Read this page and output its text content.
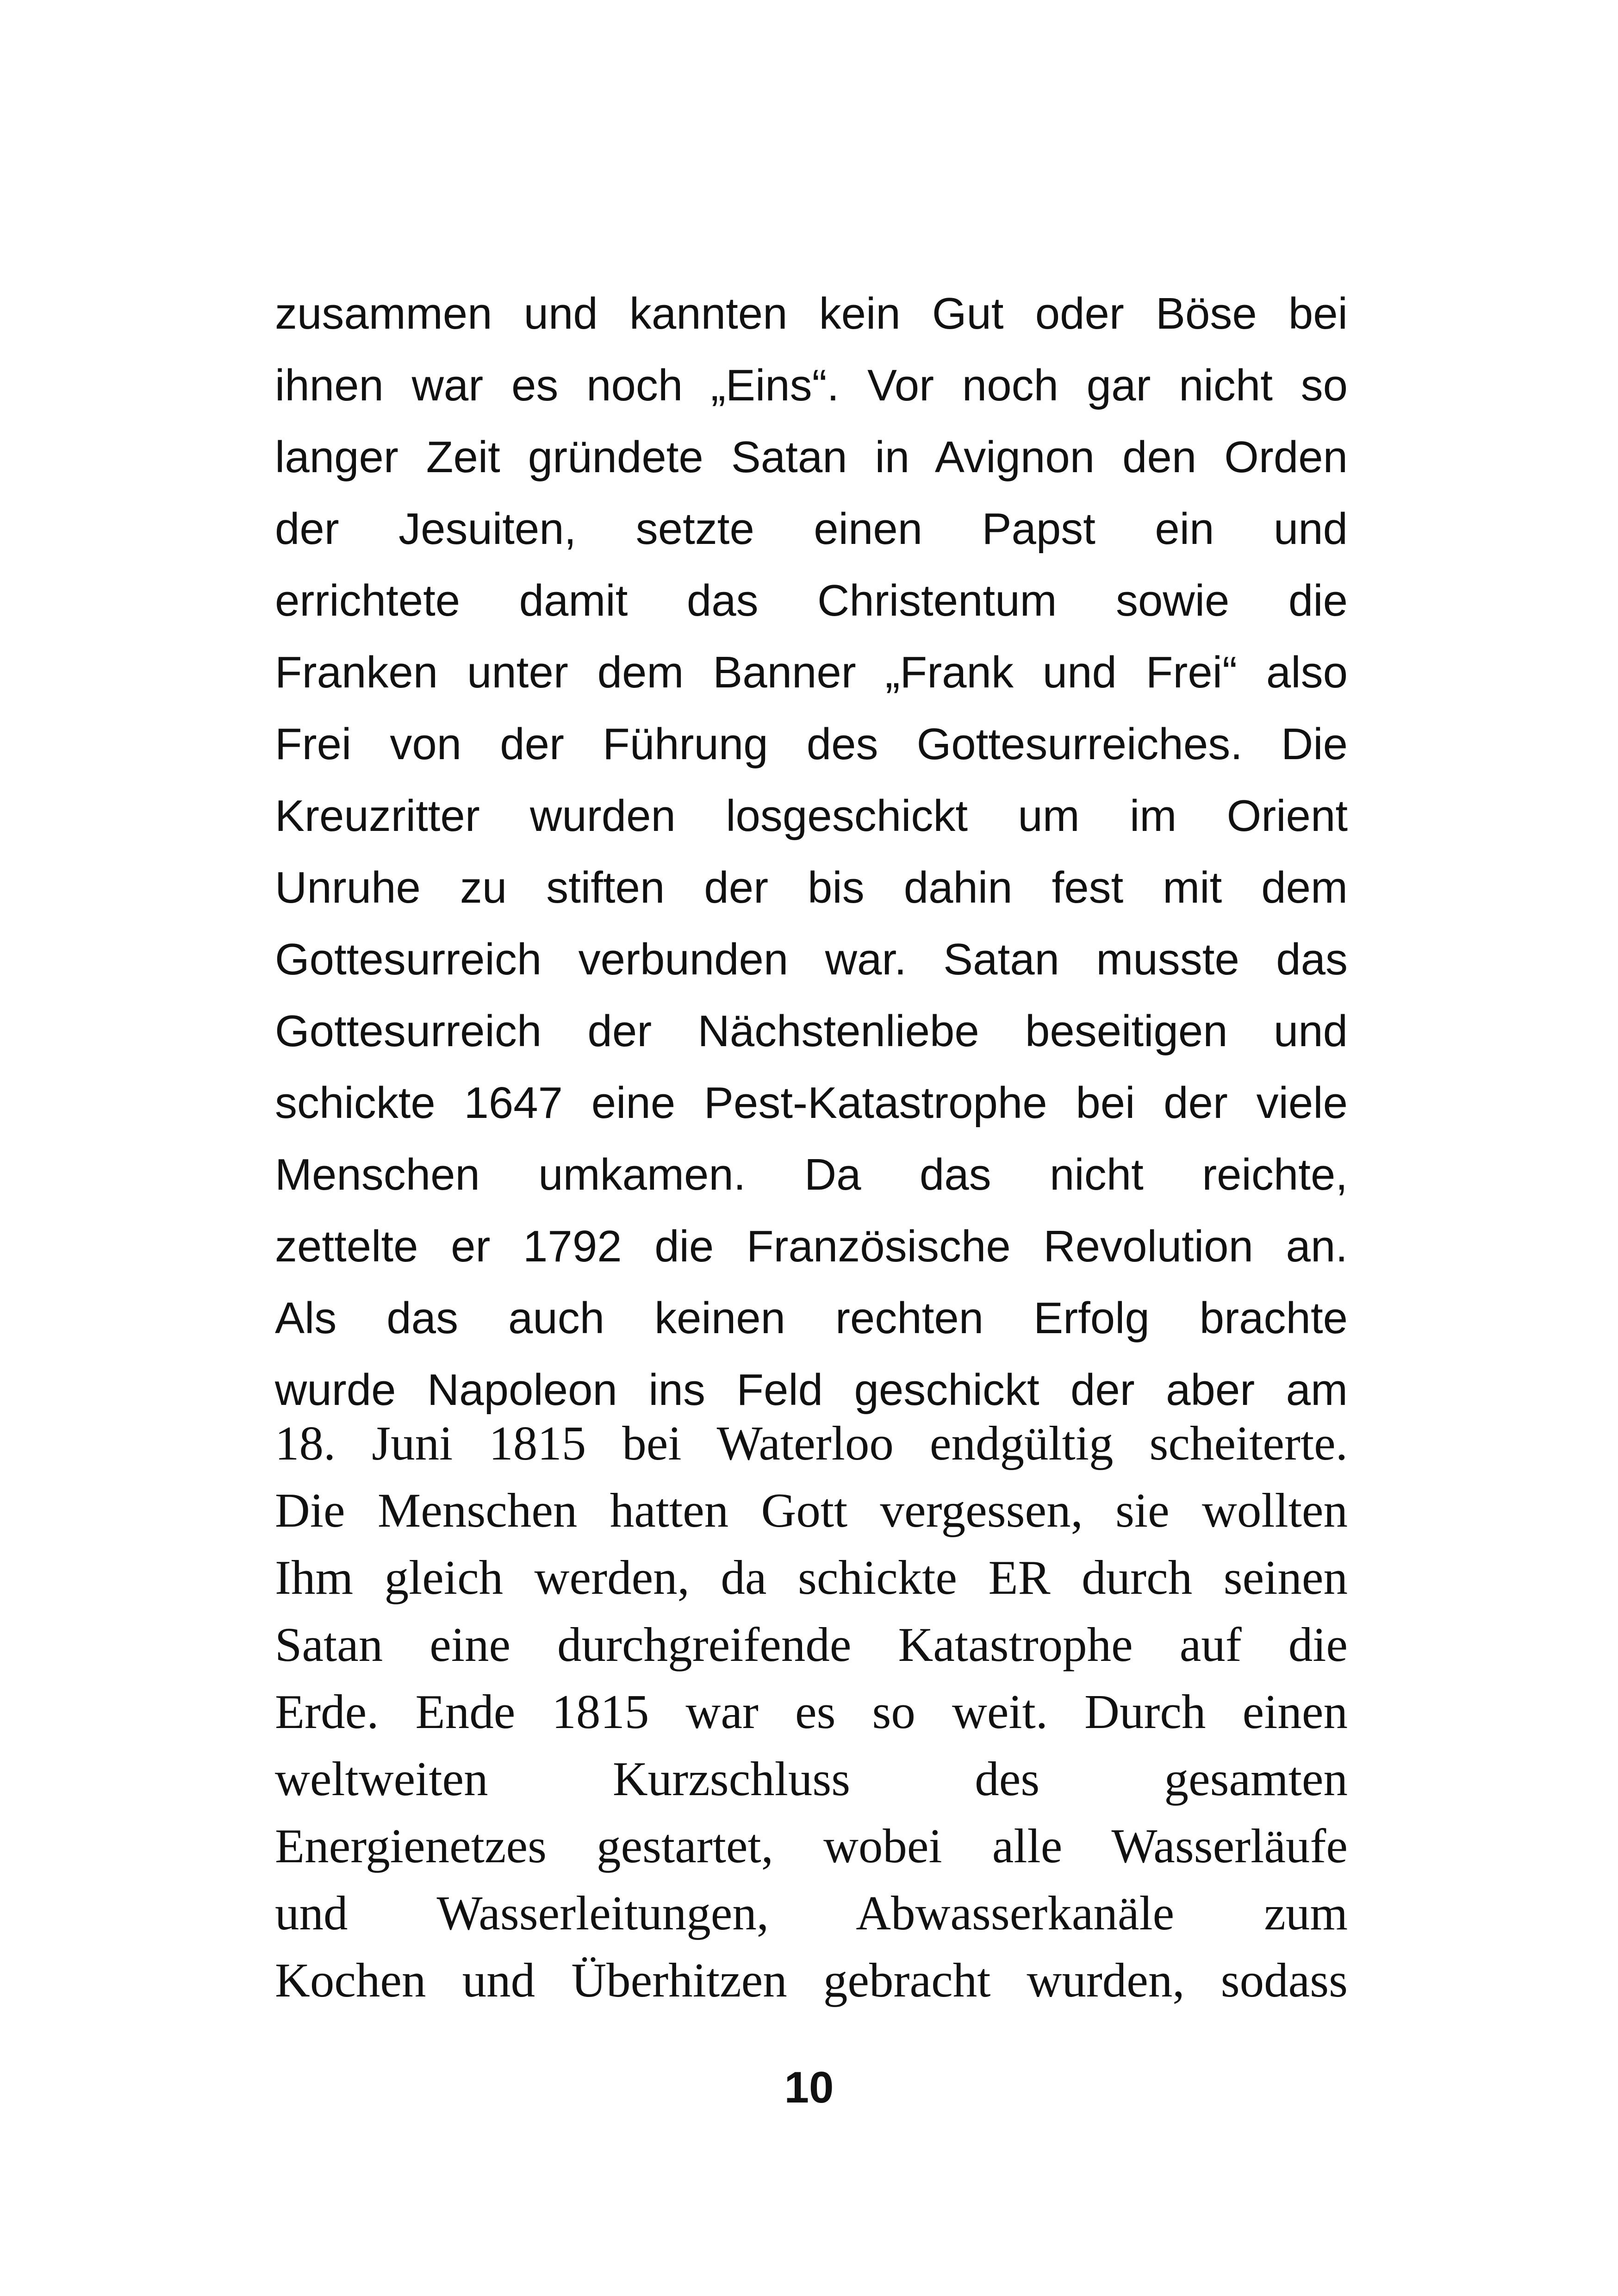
zusammen und kannten kein Gut oder Böse bei
ihnen war es noch „Eins“. Vor noch gar nicht so
langer Zeit gründete Satan in Avignon den Orden
der Jesuiten, setzte einen Papst ein und
errichtete damit das Christentum sowie die
Franken unter dem Banner „Frank und Frei“ also
Frei von der Führung des Gottesurreiches. Die
Kreuzritter wurden losgeschickt um im Orient
Unruhe zu stiften der bis dahin fest mit dem
Gottesurreich verbunden war. Satan musste das
Gottesurreich der Nächstenliebe beseitigen und
schickte 1647 eine Pest-Katastrophe bei der viele
Menschen umkamen. Da das nicht reichte,
zettelte er 1792 die Französische Revolution an.
Als das auch keinen rechten Erfolg brachte
wurde Napoleon ins Feld geschickt der aber am
18. Juni 1815 bei Waterloo endgültig scheiterte.
Die Menschen hatten Gott vergessen, sie wollten
Ihm gleich werden, da schickte ER durch seinen
Satan eine durchgreifende Katastrophe auf die
Erde. Ende 1815 war es so weit. Durch einen
weltweiten Kurzschluss des gesamten
Energienetzes gestartet, wobei alle Wasserläufe
und Wasserleitungen, Abwasserkanäle zum
Kochen und Überhitzen gebracht wurden, sodass
10
